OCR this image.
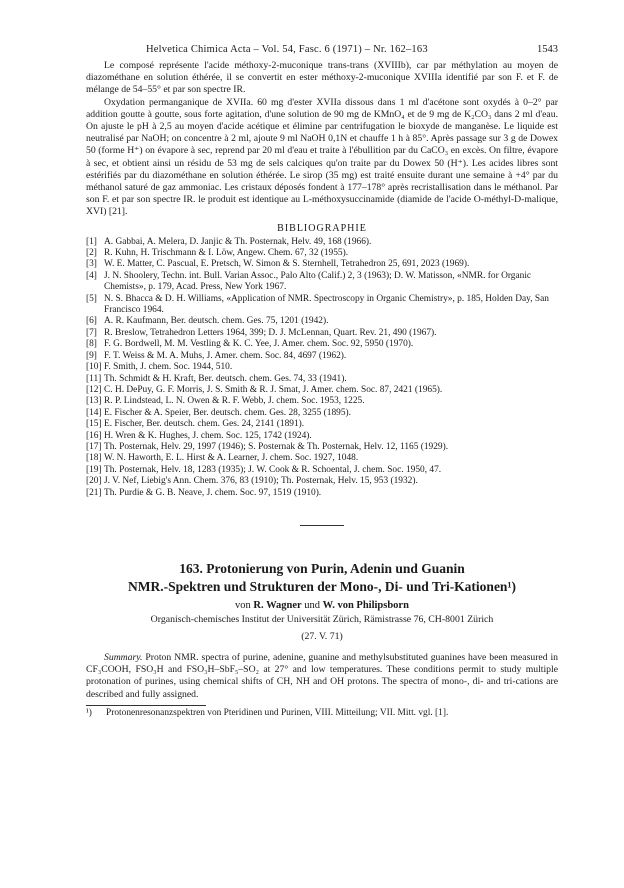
Helvetica Chimica Acta – Vol. 54, Fasc. 6 (1971) – Nr. 162–163	1543

Le composé représente l'acide méthoxy-2-muconique trans-trans (XVIIIb), car par méthylation au moyen de diazométhane en solution éthérée, il se convertit en ester méthoxy-2-muconique XVIIIa identifié par son F. et F. de mélange de 54–55° et par son spectre IR.

Oxydation permanganique de XVIIa. 60 mg d'ester XVIIa dissous dans 1 ml d'acétone sont oxydés à 0–2° par addition goutte à goutte, sous forte agitation, d'une solution de 90 mg de KMnO₄ et de 9 mg de K₂CO₃ dans 2 ml d'eau. On ajuste le pH à 2,5 au moyen d'acide acétique et élimine par centrifugation le bioxyde de manganèse. Le liquide est neutralisé par NaOH; on concentre à 2 ml, ajoute 9 ml NaOH 0,1N et chauffe 1 h à 85°. Après passage sur 3 g de Dowex 50 (forme H⁺) on évapore à sec, reprend par 20 ml d'eau et traite à l'ébullition par du CaCO₃ en excès. On filtre, évapore à sec, et obtient ainsi un résidu de 53 mg de sels calciques qu'on traite par du Dowex 50 (H⁺). Les acides libres sont estérifiés par du diazométhane en solution éthérée. Le sirop (35 mg) est traité ensuite durant une semaine à +4° par du méthanol saturé de gaz ammoniac. Les cristaux déposés fondent à 177–178° après recristallisation dans le méthanol. Par son F. et par son spectre IR. le produit est identique au L-méthoxysuccinamide (diamide de l'acide O-méthyl-D-malique, XVI) [21].

BIBLIOGRAPHIE
[1] A. Gabbai, A. Melera, D. Janjic & Th. Posternak, Helv. 49, 168 (1966).
[2] R. Kuhn, H. Trischmann & I. Löw, Angew. Chem. 67, 32 (1955).
[3] W. E. Matter, C. Pascual, E. Pretsch, W. Simon & S. Sternhell, Tetrahedron 25, 691, 2023 (1969).
[4] J. N. Shoolery, Techn. int. Bull. Varian Assoc., Palo Alto (Calif.) 2, 3 (1963); D. W. Matisson, «NMR. for Organic Chemists», p. 179, Acad. Press, New York 1967.
[5] N. S. Bhacca & D. H. Williams, «Application of NMR. Spectroscopy in Organic Chemistry», p. 185, Holden Day, San Francisco 1964.
[6] A. R. Kaufmann, Ber. deutsch. chem. Ges. 75, 1201 (1942).
[7] R. Breslow, Tetrahedron Letters 1964, 399; D. J. McLennan, Quart. Rev. 21, 490 (1967).
[8] F. G. Bordwell, M. M. Vestling & K. C. Yee, J. Amer. chem. Soc. 92, 5950 (1970).
[9] F. T. Weiss & M. A. Muhs, J. Amer. chem. Soc. 84, 4697 (1962).
[10] F. Smith, J. chem. Soc. 1944, 510.
[11] Th. Schmidt & H. Kraft, Ber. deutsch. chem. Ges. 74, 33 (1941).
[12] C. H. DePuy, G. F. Morris, J. S. Smith & R. J. Smat, J. Amer. chem. Soc. 87, 2421 (1965).
[13] R. P. Lindstead, L. N. Owen & R. F. Webb, J. chem. Soc. 1953, 1225.
[14] E. Fischer & A. Speier, Ber. deutsch. chem. Ges. 28, 3255 (1895).
[15] E. Fischer, Ber. deutsch. chem. Ges. 24, 2141 (1891).
[16] H. Wren & K. Hughes, J. chem. Soc. 125, 1742 (1924).
[17] Th. Posternak, Helv. 29, 1997 (1946); S. Posternak & Th. Posternak, Helv. 12, 1165 (1929).
[18] W. N. Haworth, E. L. Hirst & A. Learner, J. chem. Soc. 1927, 1048.
[19] Th. Posternak, Helv. 18, 1283 (1935); J. W. Cook & R. Schoental, J. chem. Soc. 1950, 47.
[20] J. V. Nef, Liebig's Ann. Chem. 376, 83 (1910); Th. Posternak, Helv. 15, 953 (1932).
[21] Th. Purdie & G. B. Neave, J. chem. Soc. 97, 1519 (1910).

163. Protonierung von Purin, Adenin und Guanin
NMR.-Spektren und Strukturen der Mono-, Di- und Tri-Kationen¹)

von R. Wagner und W. von Philipsborn
Organisch-chemisches Institut der Universität Zürich, Rämistrasse 76, CH-8001 Zürich
(27. V. 71)

Summary. Proton NMR. spectra of purine, adenine, guanine and methylsubstituted guanines have been measured in CF₃COOH, FSO₃H and FSO₃H–SbF₅–SO₂ at 27° and low temperatures. These conditions permit to study multiple protonation of purines, using chemical shifts of CH, NH and OH protons. The spectra of mono-, di- and tri-cations are described and fully assigned.

¹)	Protonenresonanzspektren von Pteridinen und Purinen, VIII. Mitteilung; VII. Mitt. vgl. [1].
